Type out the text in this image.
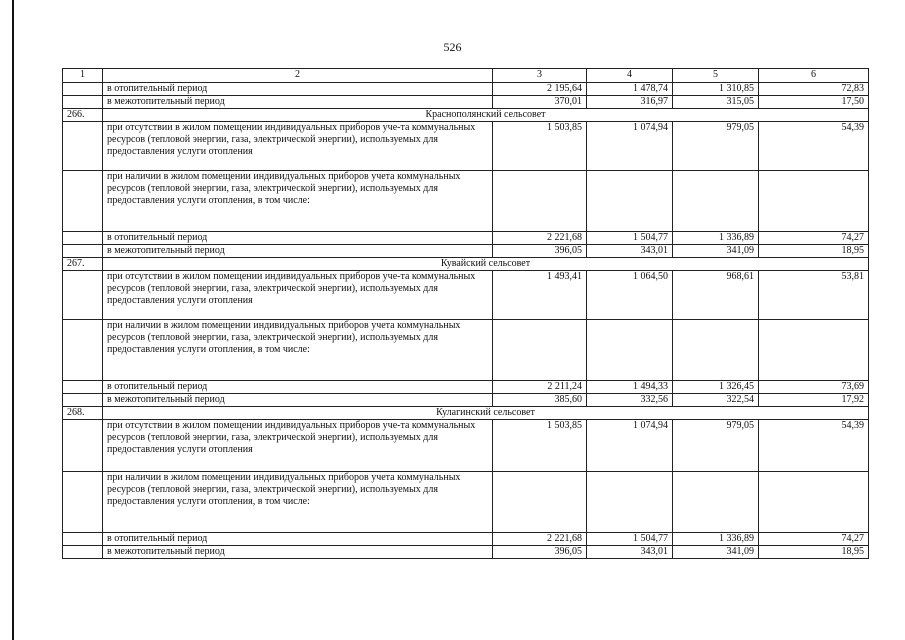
526
1	2	3	4	5	6
	в отопительный период	2 195,64	1 478,74	1 310,85	72,83
	в межотопительный период	370,01	316,97	315,05	17,50
266.	Краснополянский сельсовет				
	при отсутствии в жилом помещении индивидуальных приборов уче-та коммунальных ресурсов (тепловой энергии, газа, электрической энергии), используемых для предоставления услуги отопления	1 503,85	1 074,94	979,05	54,39
	при наличии в жилом помещении индивидуальных приборов учета коммунальных ресурсов (тепловой энергии, газа, электрической энергии), используемых для предоставления услуги отопления, в том числе:				
	в отопительный период	2 221,68	1 504,77	1 336,89	74,27
	в межотопительный период	396,05	343,01	341,09	18,95
267.	Кувайский сельсовет				
	при отсутствии в жилом помещении индивидуальных приборов уче-та коммунальных ресурсов (тепловой энергии, газа, электрической энергии), используемых для предоставления услуги отопления	1 493,41	1 064,50	968,61	53,81
	при наличии в жилом помещении индивидуальных приборов учета коммунальных ресурсов (тепловой энергии, газа, электрической энергии), используемых для предоставления услуги отопления, в том числе:				
	в отопительный период	2 211,24	1 494,33	1 326,45	73,69
	в межотопительный период	385,60	332,56	322,54	17,92
268.	Кулагинский сельсовет				
	при отсутствии в жилом помещении индивидуальных приборов уче-та коммунальных ресурсов (тепловой энергии, газа, электрической энергии), используемых для предоставления услуги отопления	1 503,85	1 074,94	979,05	54,39
	при наличии в жилом помещении индивидуальных приборов учета коммунальных ресурсов (тепловой энергии, газа, электрической энергии), используемых для предоставления услуги отопления, в том числе:				
	в отопительный период	2 221,68	1 504,77	1 336,89	74,27
	в межотопительный период	396,05	343,01	341,09	18,95
